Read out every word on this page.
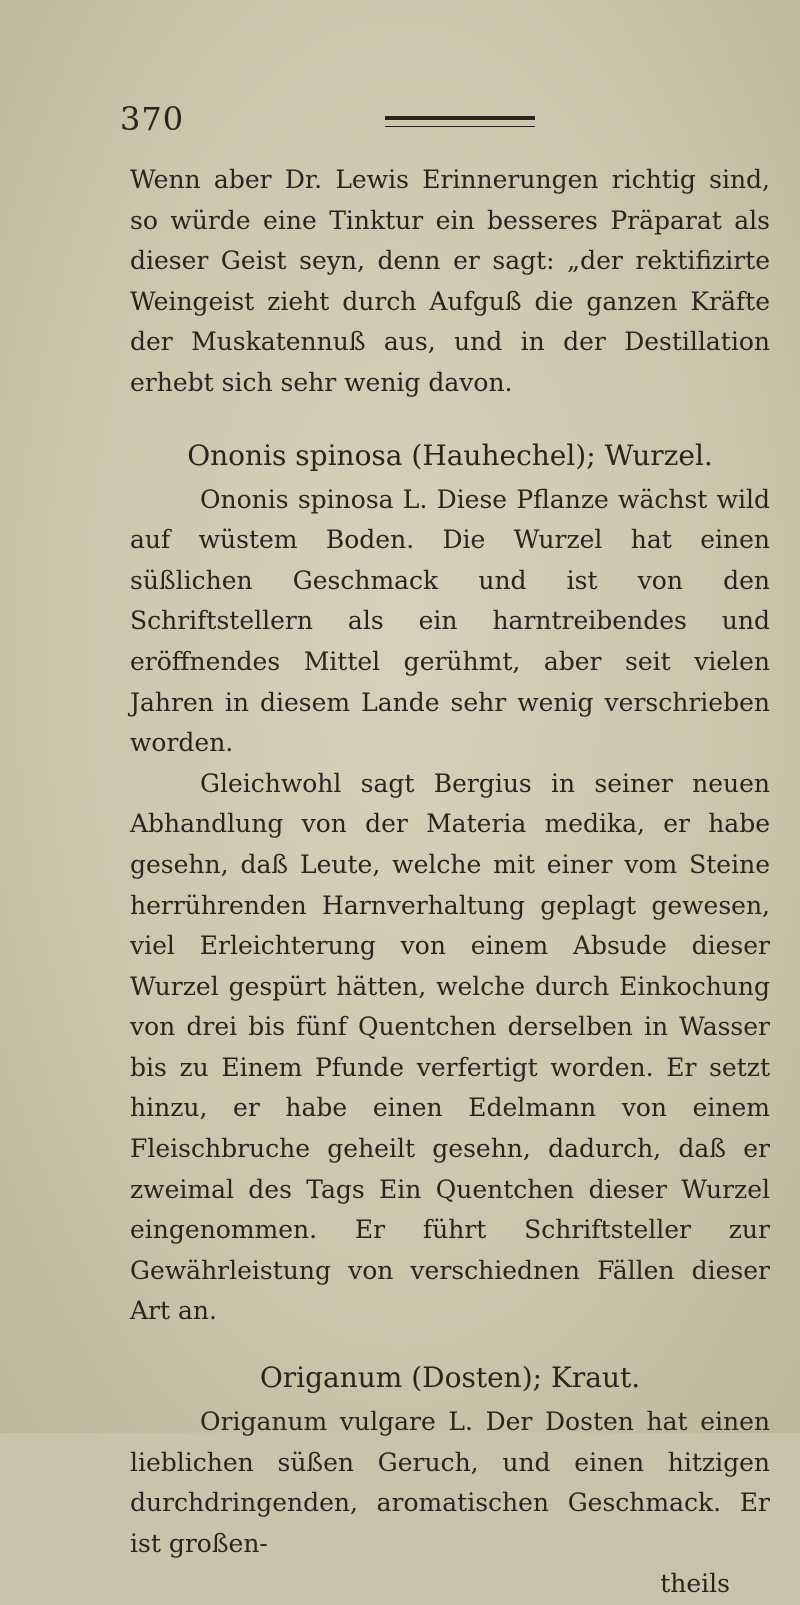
370

Wenn aber Dr. Lewis Erinnerungen richtig sind, so würde eine Tinktur ein besseres Präparat als dieser Geist seyn, denn er sagt: „der rektifizirte Weingeist zieht durch Aufguß die ganzen Kräfte der Muskatennuß aus, und in der Destillation erhebt sich sehr wenig davon.

Ononis spinosa (Hauhechel); Wurzel.

Ononis spinosa L. Diese Pflanze wächst wild auf wüstem Boden. Die Wurzel hat einen süßlichen Geschmack und ist von den Schriftstellern als ein harntreibendes und eröffnendes Mittel gerühmt, aber seit vielen Jahren in diesem Lande sehr wenig verschrieben worden.

Gleichwohl sagt Bergius in seiner neuen Abhandlung von der Materia medika, er habe gesehn, daß Leute, welche mit einer vom Steine herrührenden Harnverhaltung geplagt gewesen, viel Erleichterung von einem Absude dieser Wurzel gespürt hätten, welche durch Einkochung von drei bis fünf Quentchen derselben in Wasser bis zu Einem Pfunde verfertigt worden. Er setzt hinzu, er habe einen Edelmann von einem Fleischbruche geheilt gesehn, dadurch, daß er zweimal des Tags Ein Quentchen dieser Wurzel eingenommen. Er führt Schriftsteller zur Gewährleistung von verschiednen Fällen dieser Art an.

Origanum (Dosten); Kraut.

Origanum vulgare L. Der Dosten hat einen lieblichen süßen Geruch, und einen hitzigen durchdringenden, aromatischen Geschmack. Er ist großen-

theils
